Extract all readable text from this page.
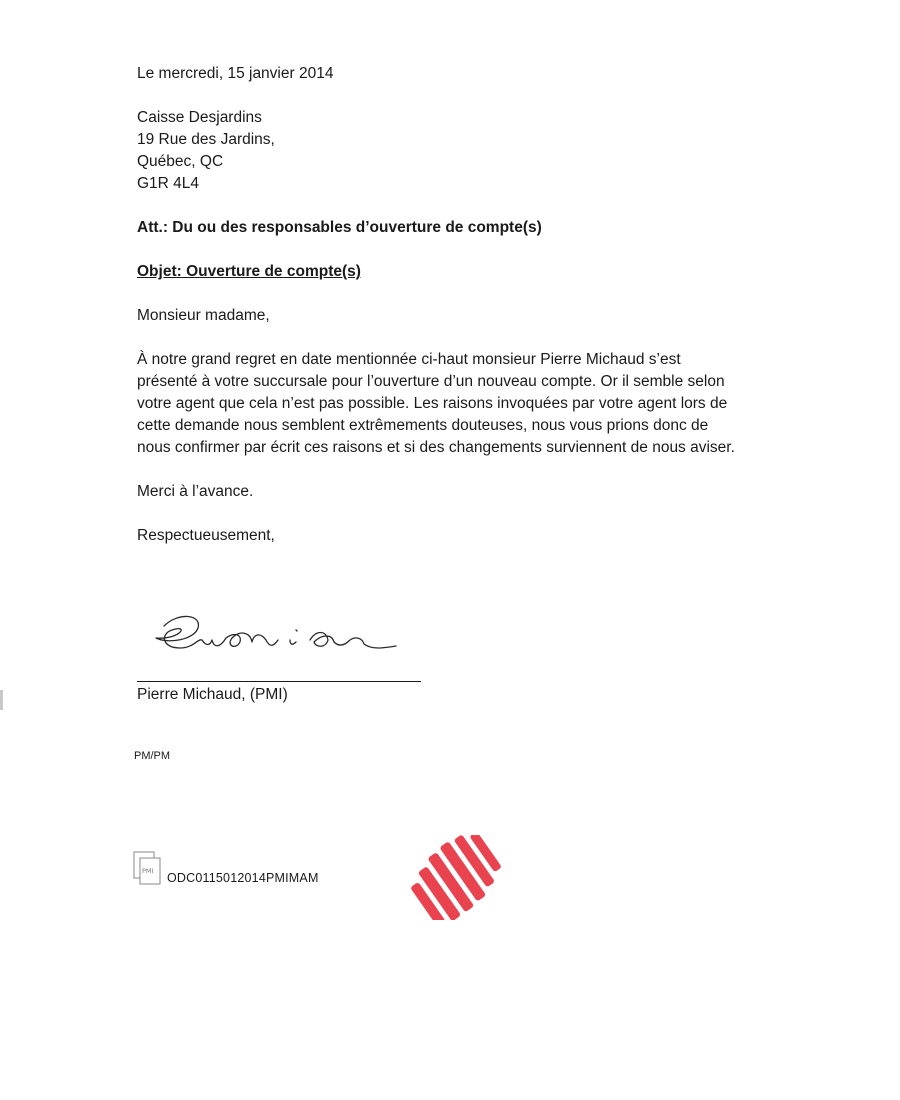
Le mercredi, 15 janvier 2014
Caisse Desjardins
19 Rue des Jardins,
Québec, QC
G1R 4L4
Att.: Du ou des responsables d’ouverture de compte(s)
Objet: Ouverture de compte(s)
Monsieur madame,
À notre grand regret en date mentionnée ci-haut monsieur Pierre Michaud s’est
présenté à votre succursale pour l’ouverture d’un nouveau compte. Or il semble selon
votre agent que cela n’est pas possible. Les raisons invoquées par votre agent lors de
cette demande nous semblent extrêmements douteuses, nous vous prions donc de
nous confirmer par écrit ces raisons et si des changements surviennent de nous aviser.
Merci à l’avance.
Respectueusement,
Pierre Michaud, (PMI)
PM/PM
PMI ODC0115012014PMIMAM
